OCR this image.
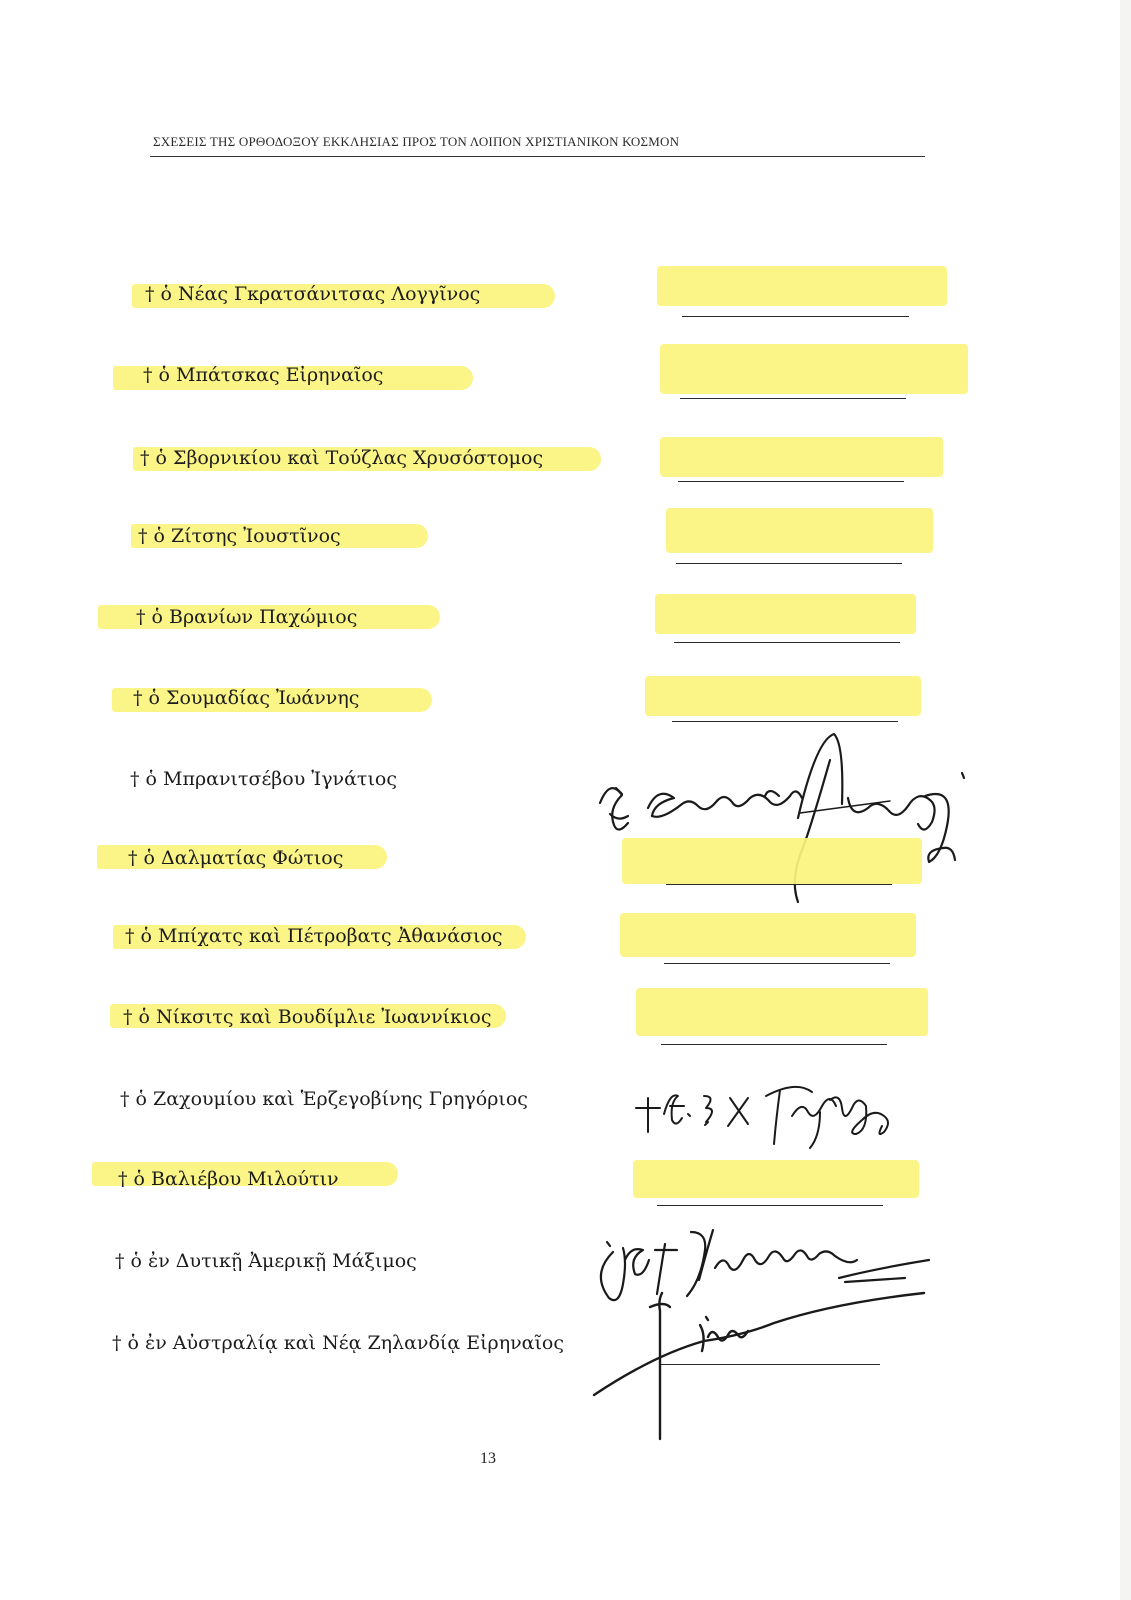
ΣΧΕΣΕΙΣ ΤΗΣ ΟΡΘΟΔΟΞΟΥ ΕΚΚΛΗΣΙΑΣ ΠΡΟΣ ΤΟΝ ΛΟΙΠΟΝ ΧΡΙΣΤΙΑΝΙΚΟΝ ΚΟΣΜΟΝ
† ὁ Νέας Γκρατσάνιτσας Λογγῖνος
† ὁ Μπάτσκας Εἰρηναῖος
† ὁ Σβορνικίου καὶ Τούζλας Χρυσόστομος
† ὁ Ζίτσης Ἰουστῖνος
† ὁ Βρανίων Παχώμιος
† ὁ Σουμαδίας Ἰωάννης
† ὁ Μπρανιτσέβου Ἰγνάτιος
† ὁ Δαλματίας Φώτιος
† ὁ Μπίχατς καὶ Πέτροβατς Ἀθανάσιος
† ὁ Νίκσιτς καὶ Βουδίμλιε Ἰωαννίκιος
† ὁ Ζαχουμίου καὶ Ἑρζεγοβίνης Γρηγόριος
† ὁ Βαλιέβου Μιλούτιν
† ὁ ἐν Δυτικῇ Ἀμερικῇ Μάξιμος
† ὁ ἐν Αὐστραλίᾳ καὶ Νέᾳ Ζηλανδίᾳ Εἰρηναῖος
13
